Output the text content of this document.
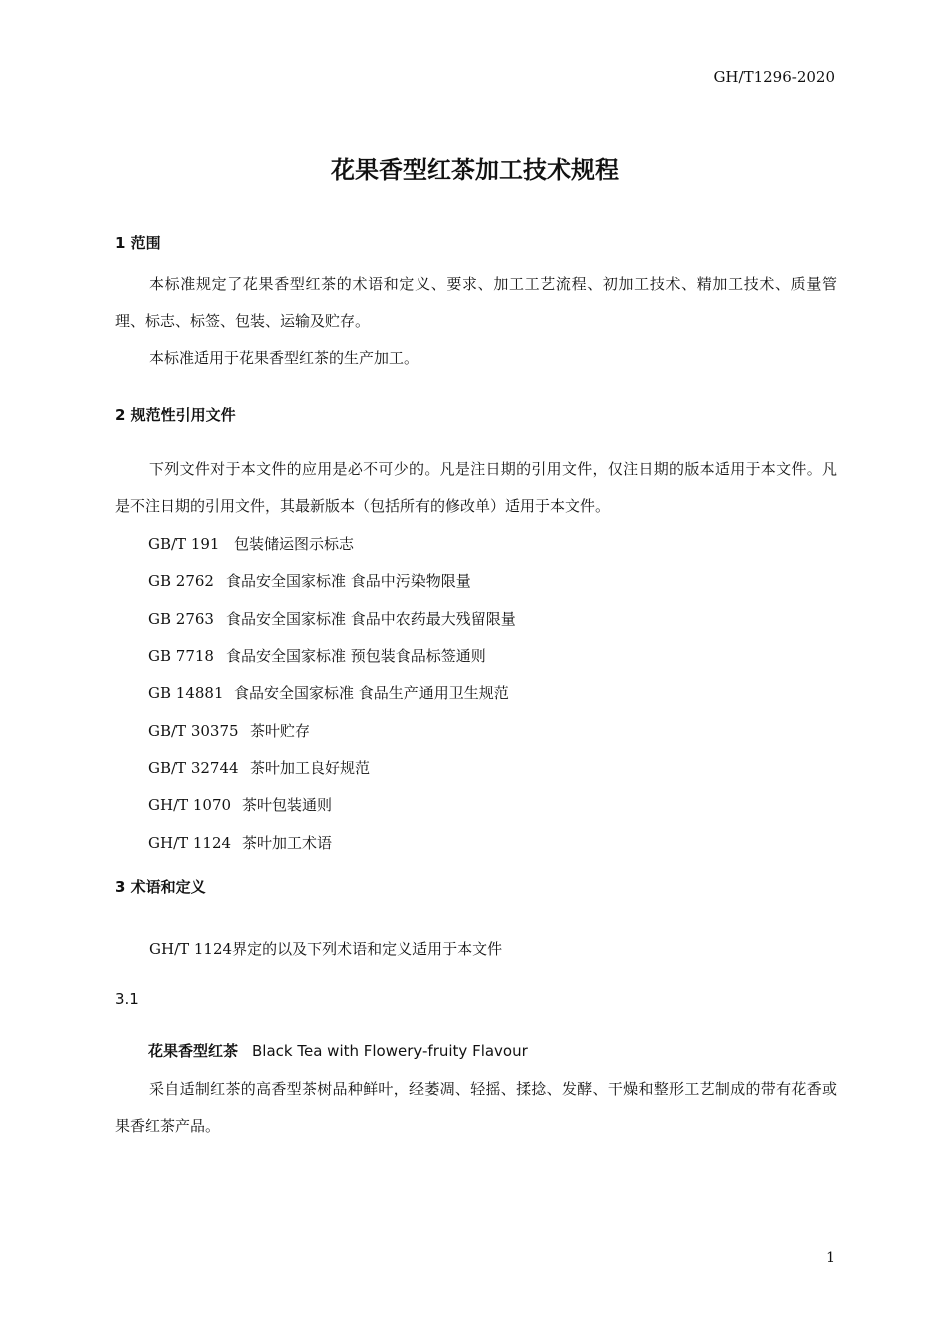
GH/T1296-2020
花果香型红茶加工技术规程
1 范围
本标准规定了花果香型红茶的术语和定义、要求、加工工艺流程、初加工技术、精加工技术、质量管理、标志、标签、包装、运输及贮存。
本标准适用于花果香型红茶的生产加工。
2 规范性引用文件
下列文件对于本文件的应用是必不可少的。凡是注日期的引用文件，仅注日期的版本适用于本文件。凡是不注日期的引用文件，其最新版本（包括所有的修改单）适用于本文件。
GB/T 191 包装储运图示标志
GB 2762 食品安全国家标准 食品中污染物限量
GB 2763 食品安全国家标准 食品中农药最大残留限量
GB 7718 食品安全国家标准 预包装食品标签通则
GB 14881 食品安全国家标准 食品生产通用卫生规范
GB/T 30375 茶叶贮存
GB/T 32744 茶叶加工良好规范
GH/T 1070 茶叶包装通则
GH/T 1124 茶叶加工术语
3 术语和定义
GH/T 1124界定的以及下列术语和定义适用于本文件
3.1
花果香型红茶 Black Tea with Flowery-fruity Flavour
采自适制红茶的高香型茶树品种鲜叶，经萎凋、轻摇、揉捻、发酵、干燥和整形工艺制成的带有花香或果香红茶产品。
1
